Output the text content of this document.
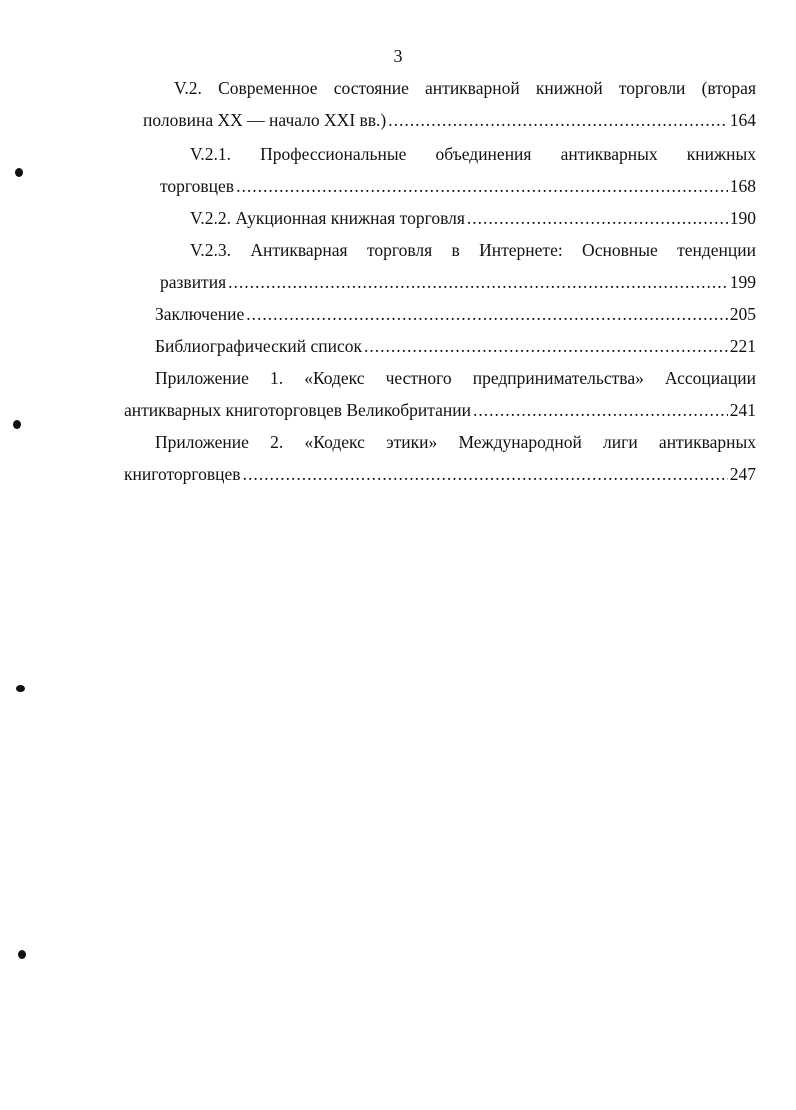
3
V.2. Современное состояние антикварной книжной торговли (вторая
половина XX — начало XXI вв.) .....	164
V.2.1. Профессиональные объединения антикварных книжных
торговцев .....	168
V.2.2. Аукционная книжная торговля .....	190
V.2.3. Антикварная торговля в Интернете: Основные тенденции
развития .....	199
Заключение .....	205
Библиографический список .....	221
Приложение 1. «Кодекс честного предпринимательства» Ассоциации
антикварных книготорговцев Великобритании .....	241
Приложение 2. «Кодекс этики» Международной лиги антикварных
книготорговцев .....	247
